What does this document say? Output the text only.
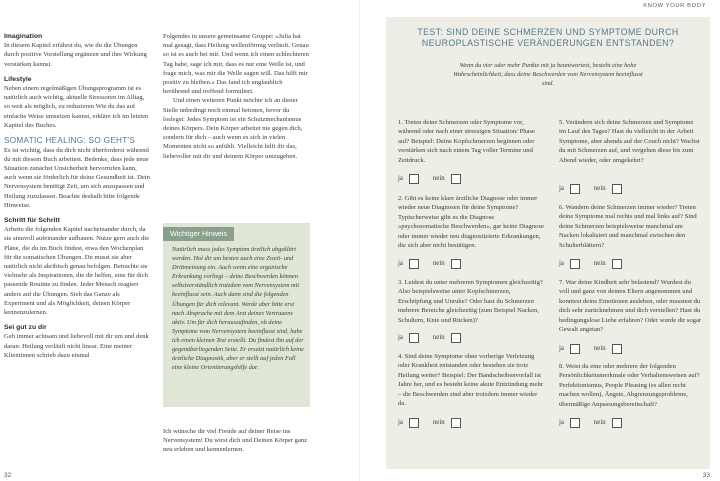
Imagination

In diesem Kapitel erfährst du, wie du die Übungen durch positive Vorstellung ergänzen und ihre Wirkung verstärken kannst.

Lifestyle

Neben einem regelmäßigen Übungsprogramm ist es natürlich auch wichtig, aktuelle Stressoren im Alltag, so weit als möglich, zu reduzieren Wie du das auf einfache Weise umsetzen kannst, erkläre ich im letzten Kapitel des Buches.

SOMATIC HEALING: SO GEHT'S

Es ist wichtig, dass du dich nicht überforderst während du mit diesem Buch arbeitest. Bedenke, dass jede neue Situation zunächst Unsicherheit hervorrufen kann, auch wenn sie förderlich für deine Gesundheit ist. Dein Nervensystem benötigt Zeit, um sich anzupassen und Heilung zuzulassen. Beachte deshalb bitte folgende Hinweise.

Schritt für Schritt

Arbeite die folgenden Kapitel nacheinander durch, da sie sinnvoll aufeinander aufbauen. Nutze gern auch die Pläne, die du im Buch findest, etwa den Wochenplan für die somatischen Übungen. Du musst sie aber natürlich nicht akribisch genau befolgen. Betrachte sie vielmehr als Inspirationen, die dir helfen, eine für dich passende Routine zu finden. Jeder Mensch reagiert anders auf die Übungen. Sieh das Ganze als Experiment und als Möglichkeit, deinen Körper kennenzulernen.

Sei gut zu dir

Geh immer achtsam und liebevoll mit dir um und denk daran: Heilung verläuft nicht linear. Eine meiner Klientinnen schrieb dazu einmal

Folgendes in unsere gemeinsame Gruppe: »Julia hat mal gesagt, dass Heilung wellenförmig verläuft. Genau so ist es auch bei mir. Und wenn ich einen schlechteren Tag habe, sage ich mir, dass es nur eine Welle ist, und frage mich, was mir die Welle sagen will. Das hilft mir positiv zu bleiben.« Das fand ich unglaublich berührend und treffend formuliert.

Und einen weiteren Punkt möchte ich an dieser Stelle unbedingt noch einmal betonen, bevor du loslegst: Jedes Symptom ist ein Schutzmechanismus deines Körpers. Dein Körper arbeitet nie gegen dich, sondern für dich – auch wenn es sich in vielen Momenten nicht so anfühlt. Vielleicht hilft dir das, liebevoller mit dir und deinem Körper umzugehen.

Wichtiger Hinweis
Natürlich muss jedes Symptom ärztlich abgeklärt werden. Hol dir am besten auch eine Zweit- und Drittmeinung ein. Auch wenn eine organische Erkrankung vorliegt – deine Beschwerden können selbstverständlich trotzdem vom Nervensystem mit beeinflusst sein. Auch dann sind die folgenden Übungen für dich relevant. Werde aber bitte erst nach Absprache mit dem Arzt deines Vertrauens aktiv. Um für dich herauszufinden, ob deine Symptome vom Nervensystem beeinflusst sind, habe ich einen kleinen Test erstellt. Du findest ihn auf der gegenüberliegenden Seite. Er ersetzt natürlich keine ärztliche Diagnostik, aber er stellt auf jeden Fall eine kleine Orientierungshilfe dar.

Ich wünsche dir viel Freude auf deiner Reise ins Nervensystem! Du wirst dich und Deinen Körper ganz neu erleben und kennenlernen.

32	33
KNOW YOUR BODY
TEST: SIND DEINE SCHMERZEN UND SYMPTOME DURCH
NEUROPLASTISCHE VERÄNDERUNGEN ENTSTANDEN?
Wenn du vier oder mehr Punkte mit ja beantwortest, besteht eine hohe Wahrscheinlichkeit, dass deine Beschwerden vom Nervensystem beeinflusst sind.
1. Treten deine Schmerzen oder Symptome vor, während oder nach einer stressigen Situation/ Phase auf? Beispiel: Deine Kopfschmerzen beginnen oder verstärken sich nach einem Tag voller Termine und Zeitdruck.
ja	nein
2. Gibt es keine klare ärztliche Diagnose oder immer wieder neue Diagnosen für deine Symptome? Typischerweise gibt es die Diagnose »psychosomatische Beschwerden«, gar keine Diagnose oder immer wieder neu diagnostizierte Erkrankungen, die sich aber nicht bestätigen.
ja	nein
3. Leidest du unter mehreren Symptomen gleichzeitig? Also beispielsweise unter Kopfschmerzen, Erschöpfung und Unruhe? Oder hast du Schmerzen mehrere Bereiche gleichzeitig (zum Beispiel Nacken, Schultern, Knie und Rücken)?
ja	nein
4. Sind deine Symptome ohne vorherige Verletzung oder Krankheit entstanden oder bestehen sie trotz Heilung weiter? Beispiel: Der Bandscheibenvorfall ist Jahre her, und es besteht keine akute Entzündung mehr – die Beschwerden sind aber trotzdem immer wieder da.
ja	nein
5. Verändern sich deine Schmerzen und Symptome im Lauf des Tages? Hast du vielleicht in der Arbeit Symptome, aber abends auf der Couch nicht? Wachst du mit Schmerzen auf, und vergehen diese bis zum Abend wieder, oder umgekehrt?
ja	nein
6. Wandern deine Schmerzen immer wieder? Treten deine Symptome mal rechts und mal links auf? Sind deine Schmerzen beispielsweise manchmal am Nacken lokalisiert und manchmal zwischen den Schulterblättern?
ja	nein
7. War deine Kindheit sehr belastend? Wurdest du voll und ganz von deinen Eltern angenommen und konntest deine Emotionen ausleben, oder musstest du dich sehr zurücknehmen und dich verstellen? Hast du bedingungslose Liebe erfahren? Oder wurde dir sogar Gewalt angetan?
ja	nein
8. Weist du eine oder mehrere der folgenden Persönlichkeitsmerkmale oder Verhaltensweisen auf? Perfektionismus, People Pleasing (es allen recht machen wollen), Ängste, Abgrenzungsprobleme, übermäßige Anpassungsbereitschaft?
ja	nein
